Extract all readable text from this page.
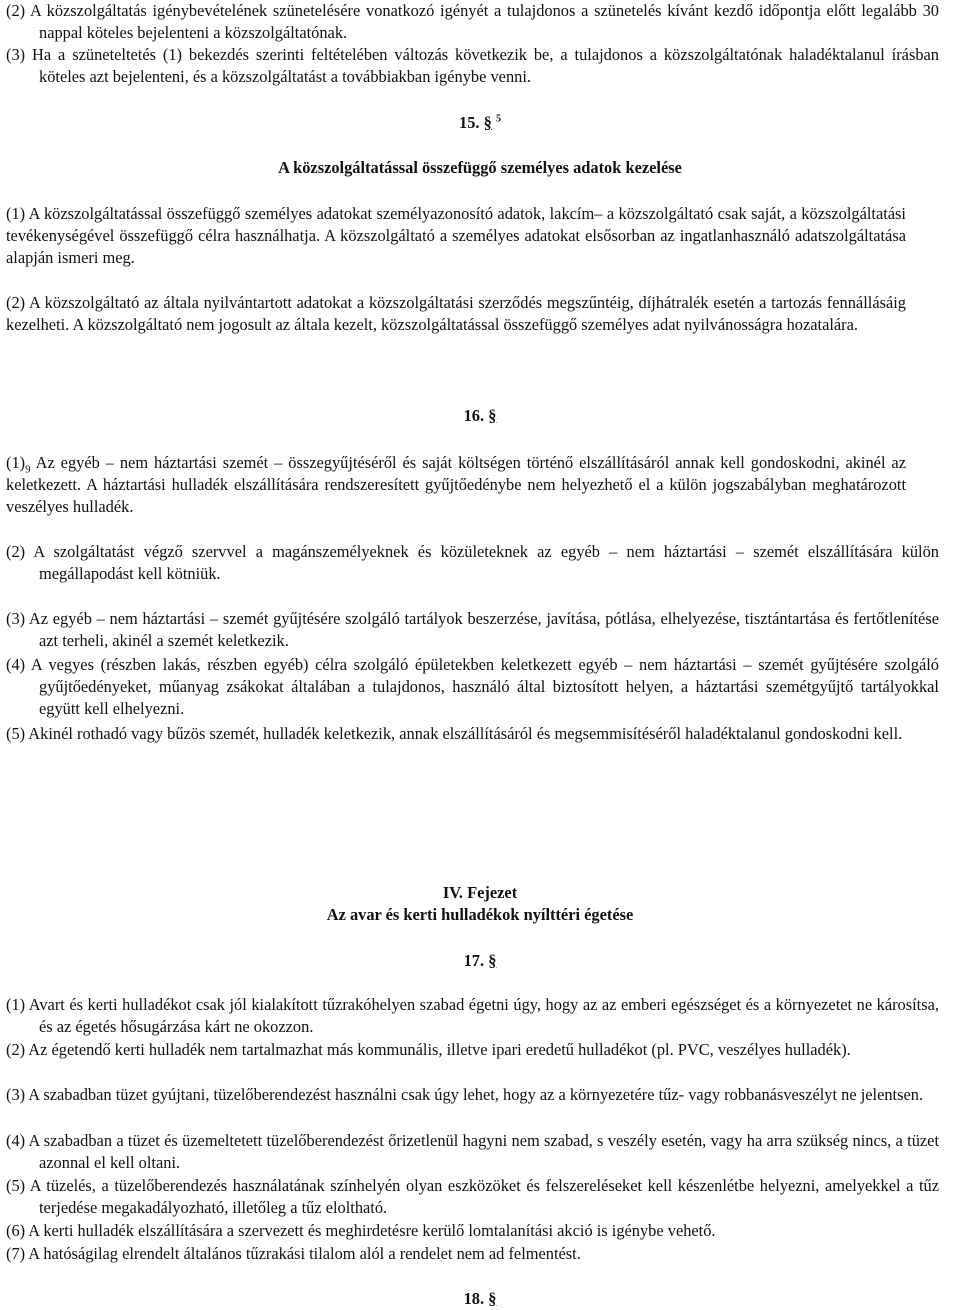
(2) A közszolgáltatás igénybevételének szünetelésére vonatkozó igényét a tulajdonos a szünetelés kívánt kezdő időpontja előtt legalább 30 nappal köteles bejelenteni a közszolgáltatónak.
(3) Ha a szüneteltetés (1) bekezdés szerinti feltételében változás következik be, a tulajdonos a közszolgáltatónak haladéktalanul írásban köteles azt bejelenteni, és a közszolgáltatást a továbbiakban igénybe venni.
15. § $^5$
A közszolgáltatással összefüggő személyes adatok kezelése
(1) A közszolgáltatással összefüggő személyes adatokat személyazonosító adatok, lakcím– a közszolgáltató csak saját, a közszolgáltatási tevékenységével összefüggő célra használhatja. A közszolgáltató a személyes adatokat elsősorban az ingatlanhasználó adatszolgáltatása alapján ismeri meg.
(2) A közszolgáltató az általa nyilvántartott adatokat a közszolgáltatási szerződés megszűntéig, díjhátralék esetén a tartozás fennállásáig kezelheti. A közszolgáltató nem jogosult az általa kezelt, közszolgáltatással összefüggő személyes adat nyilvánosságra hozatalára.
16. §
$(1)_9$ Az egyéb – nem háztartási szemét – összegyűjtéséről és saját költségen történő elszállításáról annak kell gondoskodni, akinél az keletkezett. A háztartási hulladék elszállítására rendszeresített gyűjtőedénybe nem helyezhető el a külön jogszabályban meghatározott veszélyes hulladék.
(2) A szolgáltatást végző szervvel a magánszemélyeknek és közületeknek az egyéb – nem háztartási – szemét elszállítására külön megállapodást kell kötniük.
(3) Az egyéb – nem háztartási – szemét gyűjtésére szolgáló tartályok beszerzése, javítása, pótlása, elhelyezése, tisztántartása és fertőtlenítése azt terheli, akinél a szemét keletkezik.
(4) A vegyes (részben lakás, részben egyéb) célra szolgáló épületekben keletkezett egyéb – nem háztartási – szemét gyűjtésére szolgáló gyűjtőedényeket, műanyag zsákokat általában a tulajdonos, használó által biztosított helyen, a háztartási szemétgyűjtő tartályokkal együtt kell elhelyezni.
(5) Akinél rothadó vagy bűzös szemét, hulladék keletkezik, annak elszállításáról és megsemmisítéséről haladéktalanul gondoskodni kell.
IV. Fejezet
Az avar és kerti hulladékok nyílttéri égetése
17. §
(1) Avart és kerti hulladékot csak jól kialakított tűzrakóhelyen szabad égetni úgy, hogy az az emberi egészséget és a környezetet ne károsítsa, és az égetés hősugárzása kárt ne okozzon.
(2) Az égetendő kerti hulladék nem tartalmazhat más kommunális, illetve ipari eredetű hulladékot (pl. PVC, veszélyes hulladék).
(3) A szabadban tüzet gyújtani, tüzelőberendezést használni csak úgy lehet, hogy az a környezetére tűz- vagy robbanásveszélyt ne jelentsen.
(4) A szabadban a tüzet és üzemeltetett tüzelőberendezést őrizetlenül hagyni nem szabad, s veszély esetén, vagy ha arra szükség nincs, a tüzet azonnal el kell oltani.
(5) A tüzelés, a tüzelőberendezés használatának színhelyén olyan eszközöket és felszereléseket kell készenlétbe helyezni, amelyekkel a tűz terjedése megakadályozható, illetőleg a tűz eloltható.
(6) A kerti hulladék elszállítására a szervezett és meghirdetésre kerülő lomtalanítási akció is igénybe vehető.
(7) A hatóságilag elrendelt általános tűzrakási tilalom alól a rendelet nem ad felmentést.
18. §
